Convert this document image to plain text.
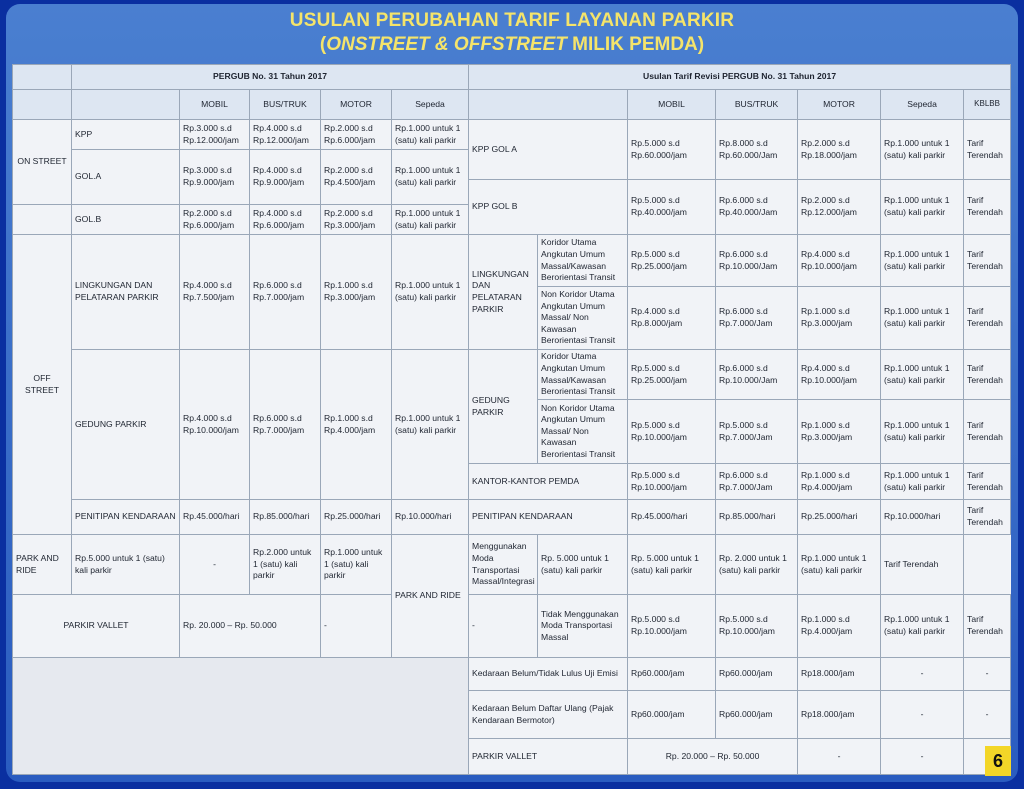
USULAN PERUBAHAN TARIF LAYANAN PARKIR
(ONSTREET & OFFSTREET MILIK PEMDA)
	PERGUB No. 31 Tahun 2017					Usulan Tarif Revisi PERGUB No. 31 Tahun 2017						
		MOBIL	BUS/TRUK	MOTOR	Sepeda			MOBIL	BUS/TRUK	MOTOR	Sepeda	KBLBB
ON STREET	KPP	Rp.3.000 s.d Rp.12.000/jam	Rp.4.000 s.d Rp.12.000/jam	Rp.2.000 s.d Rp.6.000/jam	Rp.1.000 untuk 1 (satu) kali parkir	KPP GOL A		Rp.5.000 s.d Rp.60.000/jam	Rp.8.000 s.d Rp.60.000/Jam	Rp.2.000 s.d Rp.18.000/jam	Rp.1.000 untuk 1 (satu) kali parkir	Tarif Terendah
	GOL.A	Rp.3.000 s.d Rp.9.000/jam	Rp.4.000 s.d Rp.9.000/jam	Rp.2.000 s.d Rp.4.500/jam	Rp.1.000 untuk 1 (satu) kali parkir							
						KPP GOL B		Rp.5.000 s.d Rp.40.000/jam	Rp.6.000 s.d Rp.40.000/Jam	Rp.2.000 s.d Rp.12.000/jam	Rp.1.000 untuk 1 (satu) kali parkir	Tarif Terendah
	GOL.B	Rp.2.000 s.d Rp.6.000/jam	Rp.4.000 s.d Rp.6.000/jam	Rp.2.000 s.d Rp.3.000/jam	Rp.1.000 untuk 1 (satu) kali parkir							
OFF STREET	LINGKUNGAN DAN PELATARAN PARKIR	Rp.4.000 s.d Rp.7.500/jam	Rp.6.000 s.d Rp.7.000/jam	Rp.1.000 s.d Rp.3.000/jam	Rp.1.000 untuk 1 (satu) kali parkir	LINGKUNGAN DAN PELATARAN PARKIR	Koridor Utama Angkutan Umum Massal/Kawasan Berorientasi Transit	Rp.5.000 s.d Rp.25.000/jam	Rp.6.000 s.d Rp.10.000/Jam	Rp.4.000 s.d Rp.10.000/jam	Rp.1.000 untuk 1 (satu) kali parkir	Tarif Terendah
							Non Koridor Utama Angkutan Umum Massal/ Non Kawasan Berorientasi Transit	Rp.4.000 s.d Rp.8.000/jam	Rp.6.000 s.d Rp.7.000/Jam	Rp.1.000 s.d Rp.3.000/jam	Rp.1.000 untuk 1 (satu) kali parkir	Tarif Terendah
	GEDUNG PARKIR	Rp.4.000 s.d Rp.10.000/jam	Rp.6.000 s.d Rp.7.000/jam	Rp.1.000 s.d Rp.4.000/jam	Rp.1.000 untuk 1 (satu) kali parkir	GEDUNG PARKIR	Koridor Utama Angkutan Umum Massal/Kawasan Berorientasi Transit	Rp.5.000 s.d Rp.25.000/jam	Rp.6.000 s.d Rp.10.000/Jam	Rp.4.000 s.d Rp.10.000/jam	Rp.1.000 untuk 1 (satu) kali parkir	Tarif Terendah
							Non Koridor Utama Angkutan Umum Massal/ Non Kawasan Berorientasi Transit	Rp.5.000 s.d Rp.10.000/jam	Rp.5.000 s.d Rp.7.000/Jam	Rp.1.000 s.d Rp.3.000/jam	Rp.1.000 untuk 1 (satu) kali parkir	Tarif Terendah
						KANTOR-KANTOR PEMDA		Rp.5.000 s.d Rp.10.000/jam	Rp.6.000 s.d Rp.7.000/Jam	Rp.1.000 s.d Rp.4.000/jam	Rp.1.000 untuk 1 (satu) kali parkir	Tarif Terendah
	PENITIPAN KENDARAAN	Rp.45.000/hari	Rp.85.000/hari	Rp.25.000/hari	Rp.10.000/hari	PENITIPAN KENDARAAN		Rp.45.000/hari	Rp.85.000/hari	Rp.25.000/hari	Rp.10.000/hari	Tarif Terendah
PARK AND RIDE	Rp.5.000 untuk 1 (satu) kali parkir	-	Rp.2.000 untuk 1 (satu) kali parkir	Rp.1.000 untuk 1 (satu) kali parkir	PARK AND RIDE	Menggunakan Moda Transportasi Massal/Integrasi	Rp. 5.000 untuk 1 (satu) kali parkir	Rp. 5.000 untuk 1 (satu) kali parkir	Rp. 2.000 untuk 1 (satu) kali parkir	Rp.1.000 untuk 1 (satu) kali parkir	Tarif Terendah	
PARKIR VALLET		Rp. 20.000 – Rp. 50.000		-		-	Tidak Menggunakan Moda Transportasi Massal	Rp.5.000 s.d Rp.10.000/jam	Rp.5.000 s.d Rp.10.000/jam	Rp.1.000 s.d Rp.4.000/jam	Rp.1.000 untuk 1 (satu) kali parkir	Tarif Terendah
						Kedaraan Belum/Tidak Lulus Uji Emisi		Rp60.000/jam	Rp60.000/jam	Rp18.000/jam	-	-
						Kedaraan Belum Daftar Ulang (Pajak Kendaraan Bermotor)		Rp60.000/jam	Rp60.000/jam	Rp18.000/jam	-	-
						PARKIR VALLET		Rp. 20.000 – Rp. 50.000		-	-		6
